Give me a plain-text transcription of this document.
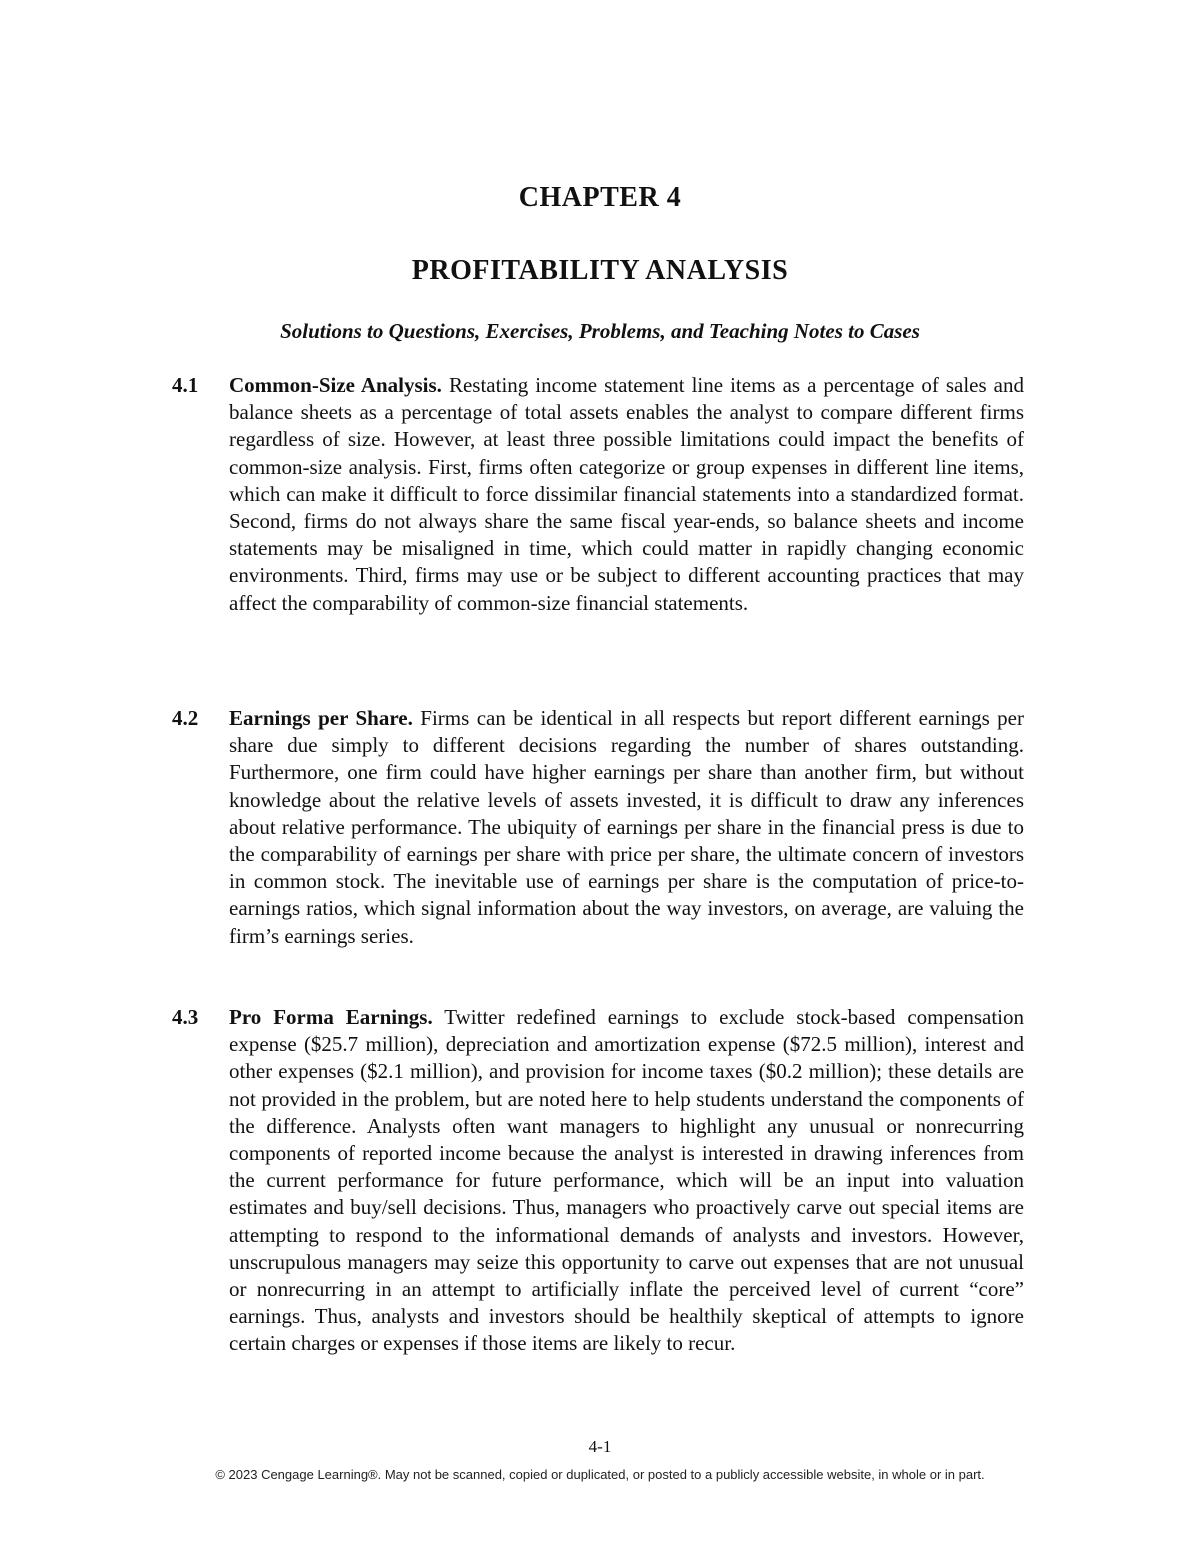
CHAPTER 4
PROFITABILITY ANALYSIS
Solutions to Questions, Exercises, Problems, and Teaching Notes to Cases
4.1 Common-Size Analysis. Restating income statement line items as a percentage of sales and balance sheets as a percentage of total assets enables the analyst to compare different firms regardless of size. However, at least three possible limitations could impact the benefits of common-size analysis. First, firms often categorize or group expenses in different line items, which can make it difficult to force dissimilar financial statements into a standardized format. Second, firms do not always share the same fiscal year-ends, so balance sheets and income statements may be misaligned in time, which could matter in rapidly changing economic environments. Third, firms may use or be subject to different accounting practices that may affect the comparability of common-size financial statements.
4.2 Earnings per Share. Firms can be identical in all respects but report different earnings per share due simply to different decisions regarding the number of shares outstanding. Furthermore, one firm could have higher earnings per share than another firm, but without knowledge about the relative levels of assets invested, it is difficult to draw any inferences about relative performance. The ubiquity of earnings per share in the financial press is due to the comparability of earnings per share with price per share, the ultimate concern of investors in common stock. The inevitable use of earnings per share is the computation of price-to-earnings ratios, which signal information about the way investors, on average, are valuing the firm’s earnings series.
4.3 Pro Forma Earnings. Twitter redefined earnings to exclude stock-based compensation expense ($25.7 million), depreciation and amortization expense ($72.5 million), interest and other expenses ($2.1 million), and provision for income taxes ($0.2 million); these details are not provided in the problem, but are noted here to help students understand the components of the difference. Analysts often want managers to highlight any unusual or nonrecurring components of reported income because the analyst is interested in drawing inferences from the current performance for future performance, which will be an input into valuation estimates and buy/sell decisions. Thus, managers who proactively carve out special items are attempting to respond to the informational demands of analysts and investors. However, unscrupulous managers may seize this opportunity to carve out expenses that are not unusual or nonrecurring in an attempt to artificially inflate the perceived level of current “core” earnings. Thus, analysts and investors should be healthily skeptical of attempts to ignore certain charges or expenses if those items are likely to recur.
4-1
© 2023 Cengage Learning®. May not be scanned, copied or duplicated, or posted to a publicly accessible website, in whole or in part.
